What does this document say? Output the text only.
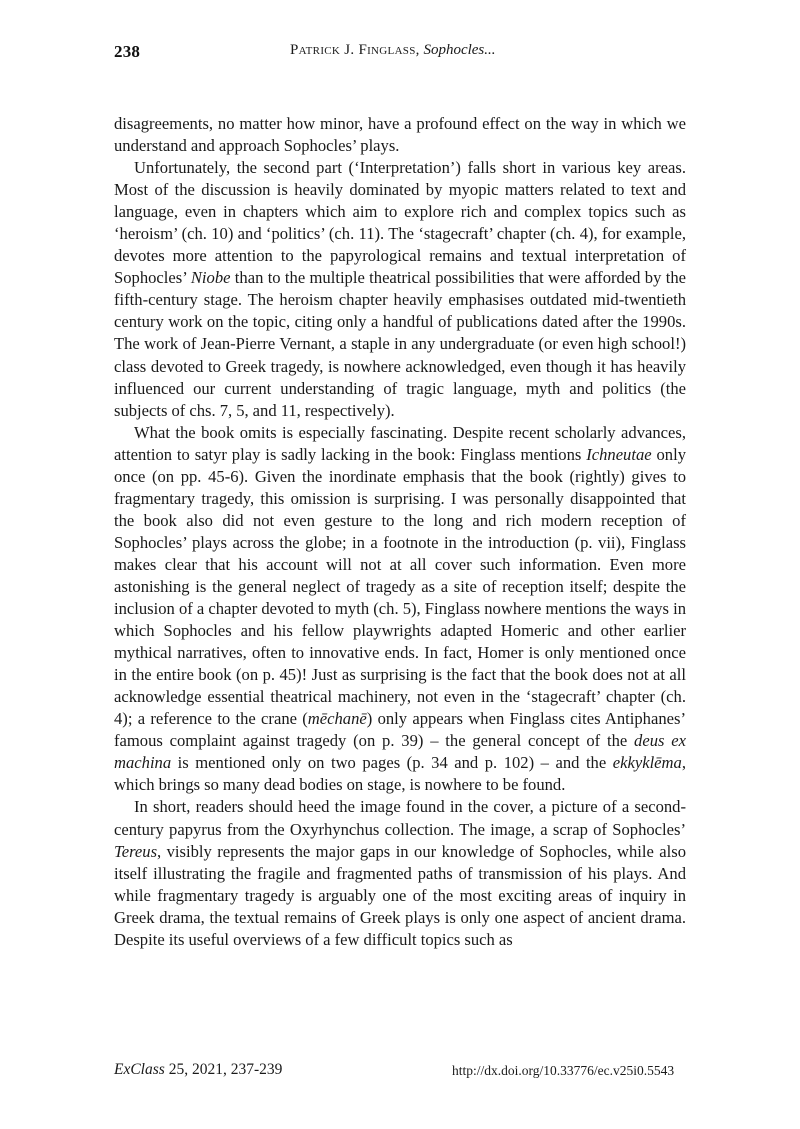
238	Patrick J. Finglass, Sophocles...

disagreements, no matter how minor, have a profound effect on the way in which we understand and approach Sophocles’ plays.

Unfortunately, the second part (‘Interpretation’) falls short in various key areas. Most of the discussion is heavily dominated by myopic matters related to text and language, even in chapters which aim to explore rich and complex topics such as ‘heroism’ (ch. 10) and ‘politics’ (ch. 11). The ‘stagecraft’ chapter (ch. 4), for example, devotes more attention to the papyrological remains and textual interpretation of Sophocles’ Niobe than to the multiple theatrical possibilities that were afforded by the fifth-century stage. The heroism chapter heavily emphasises outdated mid-twentieth century work on the topic, citing only a handful of publications dated after the 1990s. The work of Jean-Pierre Vernant, a staple in any undergraduate (or even high school!) class devoted to Greek tragedy, is nowhere acknowledged, even though it has heavily influenced our current understanding of tragic language, myth and politics (the subjects of chs. 7, 5, and 11, respectively).

What the book omits is especially fascinating. Despite recent scholarly advances, attention to satyr play is sadly lacking in the book: Finglass mentions Ichneutae only once (on pp. 45-6). Given the inordinate emphasis that the book (rightly) gives to fragmentary tragedy, this omission is surprising. I was personally disappointed that the book also did not even gesture to the long and rich modern reception of Sophocles’ plays across the globe; in a footnote in the introduction (p. vii), Finglass makes clear that his account will not at all cover such information. Even more astonishing is the general neglect of tragedy as a site of reception itself; despite the inclusion of a chapter devoted to myth (ch. 5), Finglass nowhere mentions the ways in which Sophocles and his fellow playwrights adapted Homeric and other earlier mythical narratives, often to innovative ends. In fact, Homer is only mentioned once in the entire book (on p. 45)! Just as surprising is the fact that the book does not at all acknowledge essential theatrical machinery, not even in the ‘stagecraft’ chapter (ch. 4); a reference to the crane (mēchanē) only appears when Finglass cites Antiphanes’ famous complaint against tragedy (on p. 39) – the general concept of the deus ex machina is mentioned only on two pages (p. 34 and p. 102) – and the ekkyklēma, which brings so many dead bodies on stage, is nowhere to be found.

In short, readers should heed the image found in the cover, a picture of a second-century papyrus from the Oxyrhynchus collection. The image, a scrap of Sophocles’ Tereus, visibly represents the major gaps in our knowledge of Sophocles, while also itself illustrating the fragile and fragmented paths of transmission of his plays. And while fragmentary tragedy is arguably one of the most exciting areas of inquiry in Greek drama, the textual remains of Greek plays is only one aspect of ancient drama. Despite its useful overviews of a few difficult topics such as

ExClass 25, 2021, 237-239	http://dx.doi.org/10.33776/ec.v25i0.5543
